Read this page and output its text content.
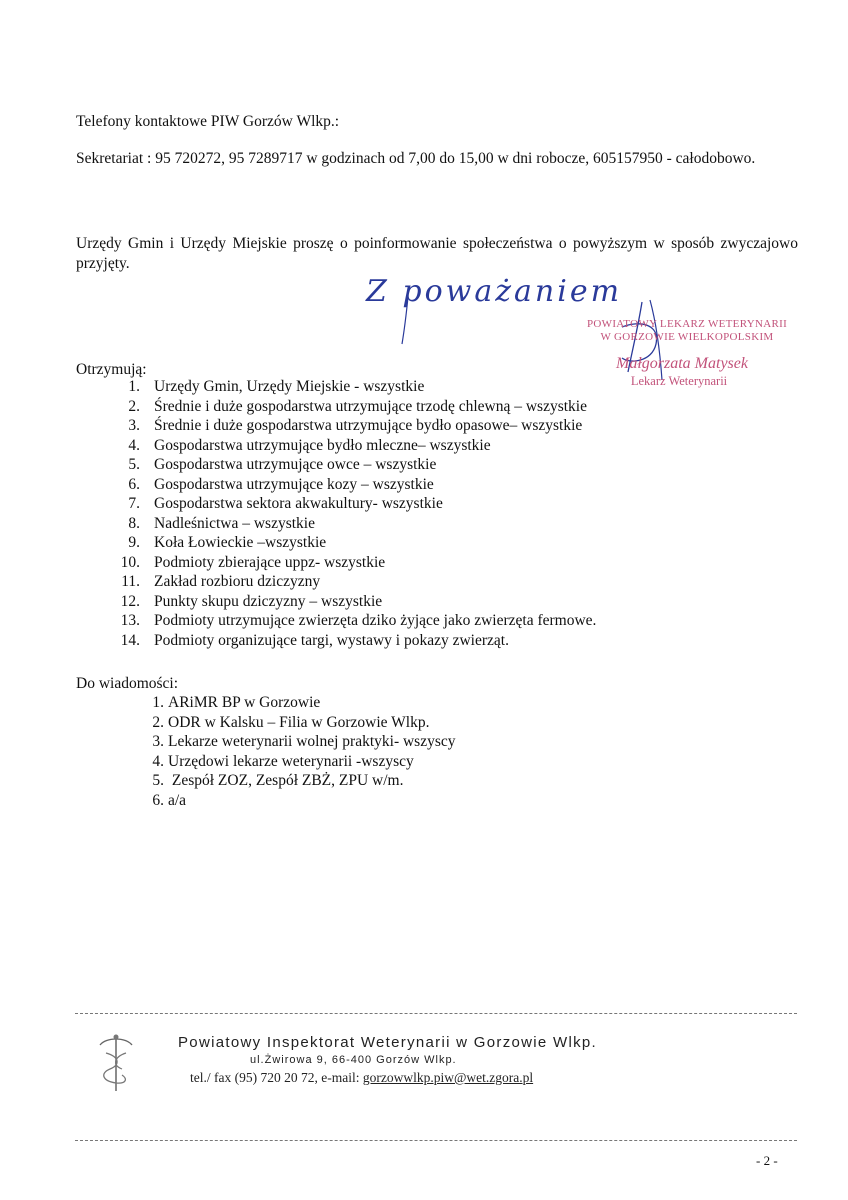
Telefony kontaktowe PIW Gorzów Wlkp.:

Sekretariat : 95 720272, 95 7289717 w godzinach od 7,00 do 15,00 w dni robocze, 605157950 - całodobowo.

Urzędy Gmin i Urzędy Miejskie proszę o poinformowanie społeczeństwa o powyższym w sposób zwyczajowo przyjęty.

Z poważaniem
POWIATOWY LEKARZ WETERYNARII
W GORZOWIE WIELKOPOLSKIM
Małgorzata Matysek
Lekarz Weterynarii

Otrzymują:

1. Urzędy Gmin, Urzędy Miejskie - wszystkie
2. Średnie i duże gospodarstwa utrzymujące trzodę chlewną – wszystkie
3. Średnie i duże gospodarstwa utrzymujące bydło opasowe– wszystkie
4. Gospodarstwa utrzymujące bydło mleczne– wszystkie
5. Gospodarstwa utrzymujące owce – wszystkie
6. Gospodarstwa utrzymujące kozy – wszystkie
7. Gospodarstwa sektora akwakultury- wszystkie
8. Nadleśnictwa – wszystkie
9. Koła Łowieckie –wszystkie
10. Podmioty zbierające uppz- wszystkie
11. Zakład rozbioru dziczyzny
12. Punkty skupu dziczyzny – wszystkie
13. Podmioty utrzymujące zwierzęta dziko żyjące jako zwierzęta fermowe.
14. Podmioty organizujące targi, wystawy i pokazy zwierząt.

Do wiadomości:

1. ARiMR BP w Gorzowie
2. ODR w Kalsku – Filia w Gorzowie Wlkp.
3. Lekarze weterynarii wolnej praktyki- wszyscy
4. Urzędowi lekarze weterynarii -wszyscy
5. Zespół ZOZ, Zespół ZBŻ, ZPU w/m.
6. a/a
Powiatowy Inspektorat Weterynarii w Gorzowie Wlkp.
ul.Żwirowa 9, 66-400 Gorzów Wlkp.
tel./ fax (95) 720 20 72, e-mail: gorzowwlkp.piw@wet.zgora.pl
- 2 -
